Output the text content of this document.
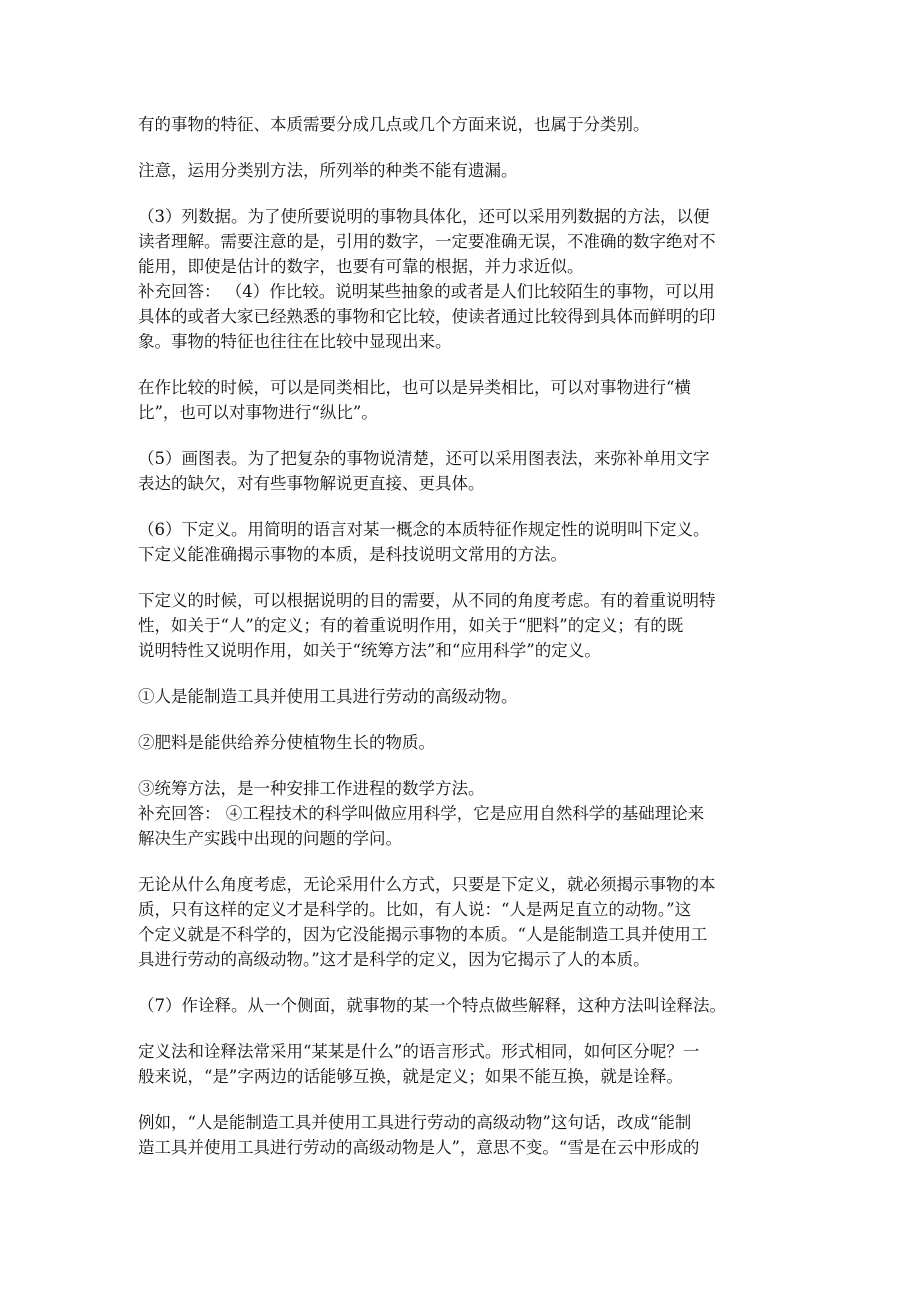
有的事物的特征、本质需要分成几点或几个方面来说，也属于分类别。

注意，运用分类别方法，所列举的种类不能有遗漏。

（3）列数据。为了使所要说明的事物具体化，还可以采用列数据的方法，以便
读者理解。需要注意的是，引用的数字，一定要准确无误，不准确的数字绝对不
能用，即使是估计的数字，也要有可靠的根据，并力求近似。

补充回答： （4）作比较。说明某些抽象的或者是人们比较陌生的事物，可以用
具体的或者大家已经熟悉的事物和它比较，使读者通过比较得到具体而鲜明的印
象。事物的特征也往往在比较中显现出来。

在作比较的时候，可以是同类相比，也可以是异类相比，可以对事物进行“横
比”，也可以对事物进行“纵比”。

（5）画图表。为了把复杂的事物说清楚，还可以采用图表法，来弥补单用文字
表达的缺欠，对有些事物解说更直接、更具体。

（6）下定义。用简明的语言对某一概念的本质特征作规定性的说明叫下定义。
下定义能准确揭示事物的本质，是科技说明文常用的方法。

下定义的时候，可以根据说明的目的需要，从不同的角度考虑。有的着重说明特
性，如关于“人”的定义；有的着重说明作用，如关于“肥料”的定义；有的既
说明特性又说明作用，如关于“统筹方法”和“应用科学”的定义。

①人是能制造工具并使用工具进行劳动的高级动物。

②肥料是能供给养分使植物生长的物质。

③统筹方法，是一种安排工作进程的数学方法。

补充回答： ④工程技术的科学叫做应用科学，它是应用自然科学的基础理论来
解决生产实践中出现的问题的学问。

无论从什么角度考虑，无论采用什么方式，只要是下定义，就必须揭示事物的本
质，只有这样的定义才是科学的。比如，有人说：“人是两足直立的动物。”这
个定义就是不科学的，因为它没能揭示事物的本质。“人是能制造工具并使用工
具进行劳动的高级动物。”这才是科学的定义，因为它揭示了人的本质。

（7）作诠释。从一个侧面，就事物的某一个特点做些解释，这种方法叫诠释法。

定义法和诠释法常采用“某某是什么”的语言形式。形式相同，如何区分呢？一
般来说，“是”字两边的话能够互换，就是定义；如果不能互换，就是诠释。

例如，“人是能制造工具并使用工具进行劳动的高级动物”这句话，改成“能制
造工具并使用工具进行劳动的高级动物是人”，意思不变。“雪是在云中形成的
